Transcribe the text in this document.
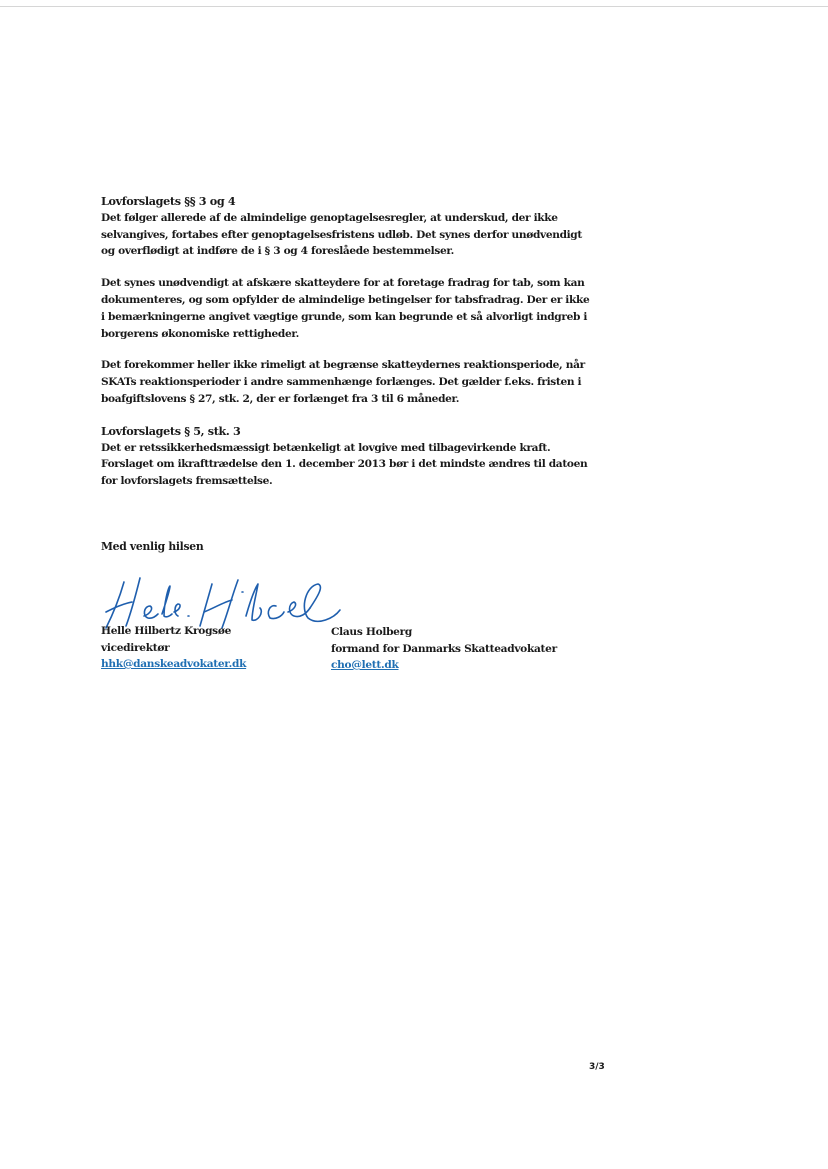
Lovforslagets §§ 3 og 4

Det følger allerede af de almindelige genoptagelsesregler, at underskud, der ikke selvangives, fortabes efter genoptagelsesfristens udløb. Det synes derfor unødvendigt og overflødigt at indføre de i § 3 og 4 foreslåede bestemmelser.

Det synes unødvendigt at afskære skatteydere for at foretage fradrag for tab, som kan dokumenteres, og som opfylder de almindelige betingelser for tabsfradrag. Der er ikke i bemærkningerne angivet vægtige grunde, som kan begrunde et så alvorligt indgreb i borgerens økonomiske rettigheder.

Det forekommer heller ikke rimeligt at begrænse skatteydernes reaktionsperiode, når SKATs reaktionsperioder i andre sammenhænge forlænges. Det gælder f.eks. fristen i boafgiftslovens § 27, stk. 2, der er forlænget fra 3 til 6 måneder.

Lovforslagets § 5, stk. 3

Det er retssikkerhedsmæssigt betænkeligt at lovgive med tilbagevirkende kraft. Forslaget om ikrafttrædelse den 1. december 2013 bør i det mindste ændres til datoen for lovforslagets fremsættelse.

Med venlig hilsen

Helle Hilbertz Krogsøe

vicedirektør

hhk@danskeadvokater.dk

Claus Holberg

formand for Danmarks Skatteadvokater

cho@lett.dk

3/3
